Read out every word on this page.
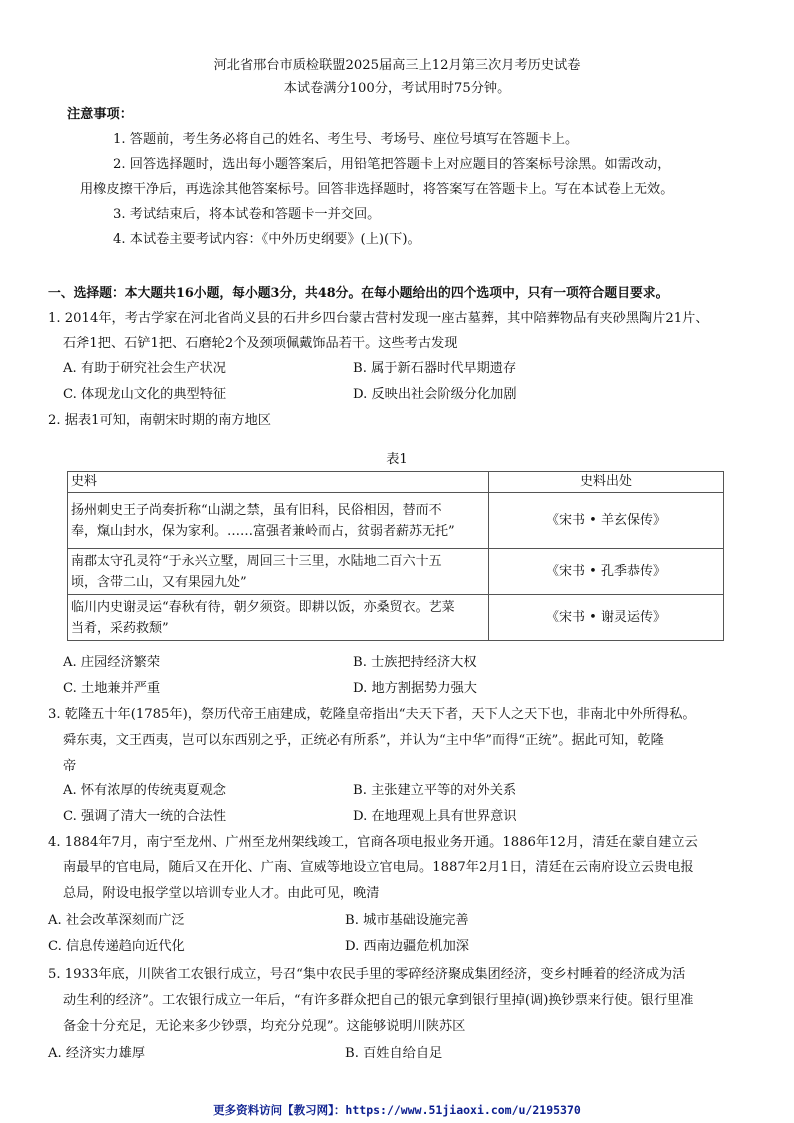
河北省邢台市质检联盟2025届高三上12月第三次月考历史试卷
本试卷满分100分，考试用时75分钟。
注意事项：
1. 答题前，考生务必将自己的姓名、考生号、考场号、座位号填写在答题卡上。
2. 回答选择题时，选出每小题答案后，用铅笔把答题卡上对应题目的答案标号涂黑。如需改动，
用橡皮擦干净后，再选涂其他答案标号。回答非选择题时，将答案写在答题卡上。写在本试卷上无效。
3. 考试结束后，将本试卷和答题卡一并交回。
4. 本试卷主要考试内容：《中外历史纲要》(上)(下)。
一、选择题：本大题共16小题，每小题3分，共48分。在每小题给出的四个选项中，只有一项符合题目要求。
1. 2014年，考古学家在河北省尚义县的石井乡四台蒙古营村发现一座古墓葬，其中陪葬物品有夹砂黑陶片21片、
石斧1把、石铲1把、石磨轮2个及颈项佩戴饰品若干。这些考古发现
A. 有助于研究社会生产状况	B. 属于新石器时代早期遗存
C. 体现龙山文化的典型特征	D. 反映出社会阶级分化加剧
2. 据表1可知，南朝宋时期的南方地区
表1
史料	史料出处

扬州刺史王子尚奏折称“山湖之禁，虽有旧科，民俗相因，替而不
奉，熂山封水，保为家利。……富强者兼岭而占，贫弱者薪苏无托”	《宋书 • 羊玄保传》

南郡太守孔灵符“于永兴立墅，周回三十三里，水陆地二百六十五
顷，含带二山，又有果园九处”	《宋书 • 孔季恭传》

临川内史谢灵运“春秋有待，朝夕须资。即耕以饭，亦桑贸衣。艺菜
当肴，采药救颓”	《宋书 • 谢灵运传》
A. 庄园经济繁荣	B. 士族把持经济大权
C. 土地兼并严重	D. 地方割据势力强大
3. 乾隆五十年(1785年)，祭历代帝王庙建成，乾隆皇帝指出“夫天下者，天下人之天下也，非南北中外所得私。
舜东夷，文王西夷，岂可以东西别之乎，正统必有所系”，并认为“主中华”而得“正统”。据此可知，乾隆
帝
A. 怀有浓厚的传统夷夏观念	B. 主张建立平等的对外关系
C. 强调了清大一统的合法性	D. 在地理观上具有世界意识
4. 1884年7月，南宁至龙州、广州至龙州架线竣工，官商各项电报业务开通。1886年12月，清廷在蒙自建立云
南最早的官电局，随后又在开化、广南、宣威等地设立官电局。1887年2月1日，清廷在云南府设立云贵电报
总局，附设电报学堂以培训专业人才。由此可见，晚清
A. 社会改革深刻而广泛	B. 城市基础设施完善
C. 信息传递趋向近代化	D. 西南边疆危机加深
5. 1933年底，川陕省工农银行成立，号召“集中农民手里的零碎经济聚成集团经济，变乡村睡着的经济成为活
动生利的经济”。工农银行成立一年后，“有许多群众把自己的银元拿到银行里掉(调)换钞票来行使。银行里准
备金十分充足，无论来多少钞票，均充分兑现”。这能够说明川陕苏区
A. 经济实力雄厚	B. 百姓自给自足
更多资料访问【教习网】：https://www.51jiaoxi.com/u/2195370
